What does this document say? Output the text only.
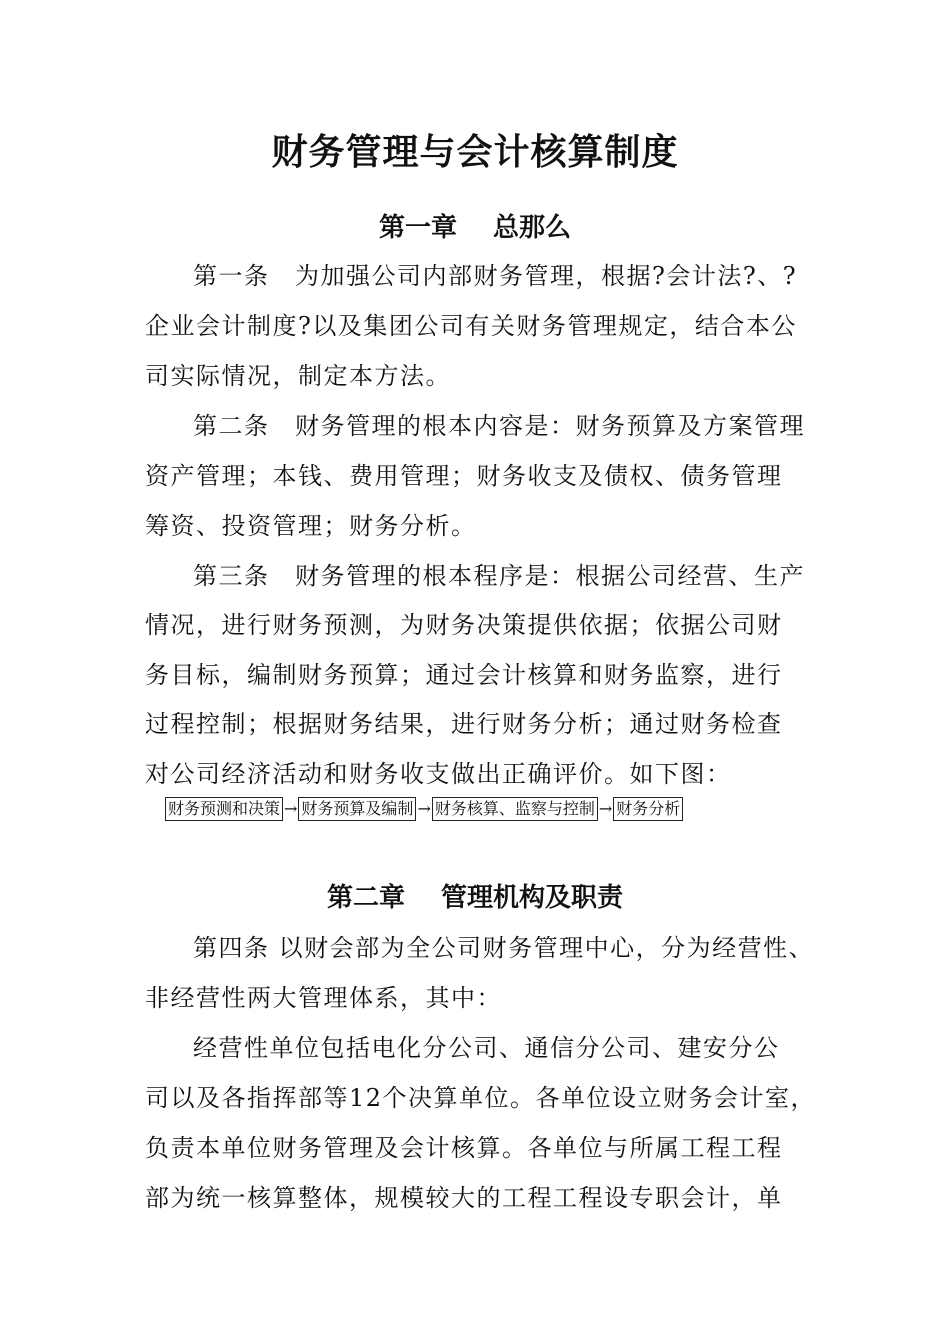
财务管理与会计核算制度
第一章 总那么
第一条　为加强公司内部财务管理，根据?会计法?、?
企业会计制度?以及集团公司有关财务管理规定，结合本公
司实际情况，制定本方法。
第二条　财务管理的根本内容是：财务预算及方案管理
资产管理；本钱、费用管理；财务收支及债权、债务管理
筹资、投资管理；财务分析。
第三条　财务管理的根本程序是：根据公司经营、生产
情况，进行财务预测，为财务决策提供依据；依据公司财
务目标，编制财务预算；通过会计核算和财务监察，进行
过程控制；根据财务结果，进行财务分析；通过财务检查
对公司经济活动和财务收支做出正确评价。如下图：
财务预测和决策 → 财务预算及编制 → 财务核算、监察与控制 → 财务分析
第二章 管理机构及职责
第四条 以财会部为全公司财务管理中心，分为经营性、
非经营性两大管理体系，其中：
经营性单位包括电化分公司、通信分公司、建安分公
司以及各指挥部等12个决算单位。各单位设立财务会计室，
负责本单位财务管理及会计核算。各单位与所属工程工程
部为统一核算整体，规模较大的工程工程设专职会计，单
